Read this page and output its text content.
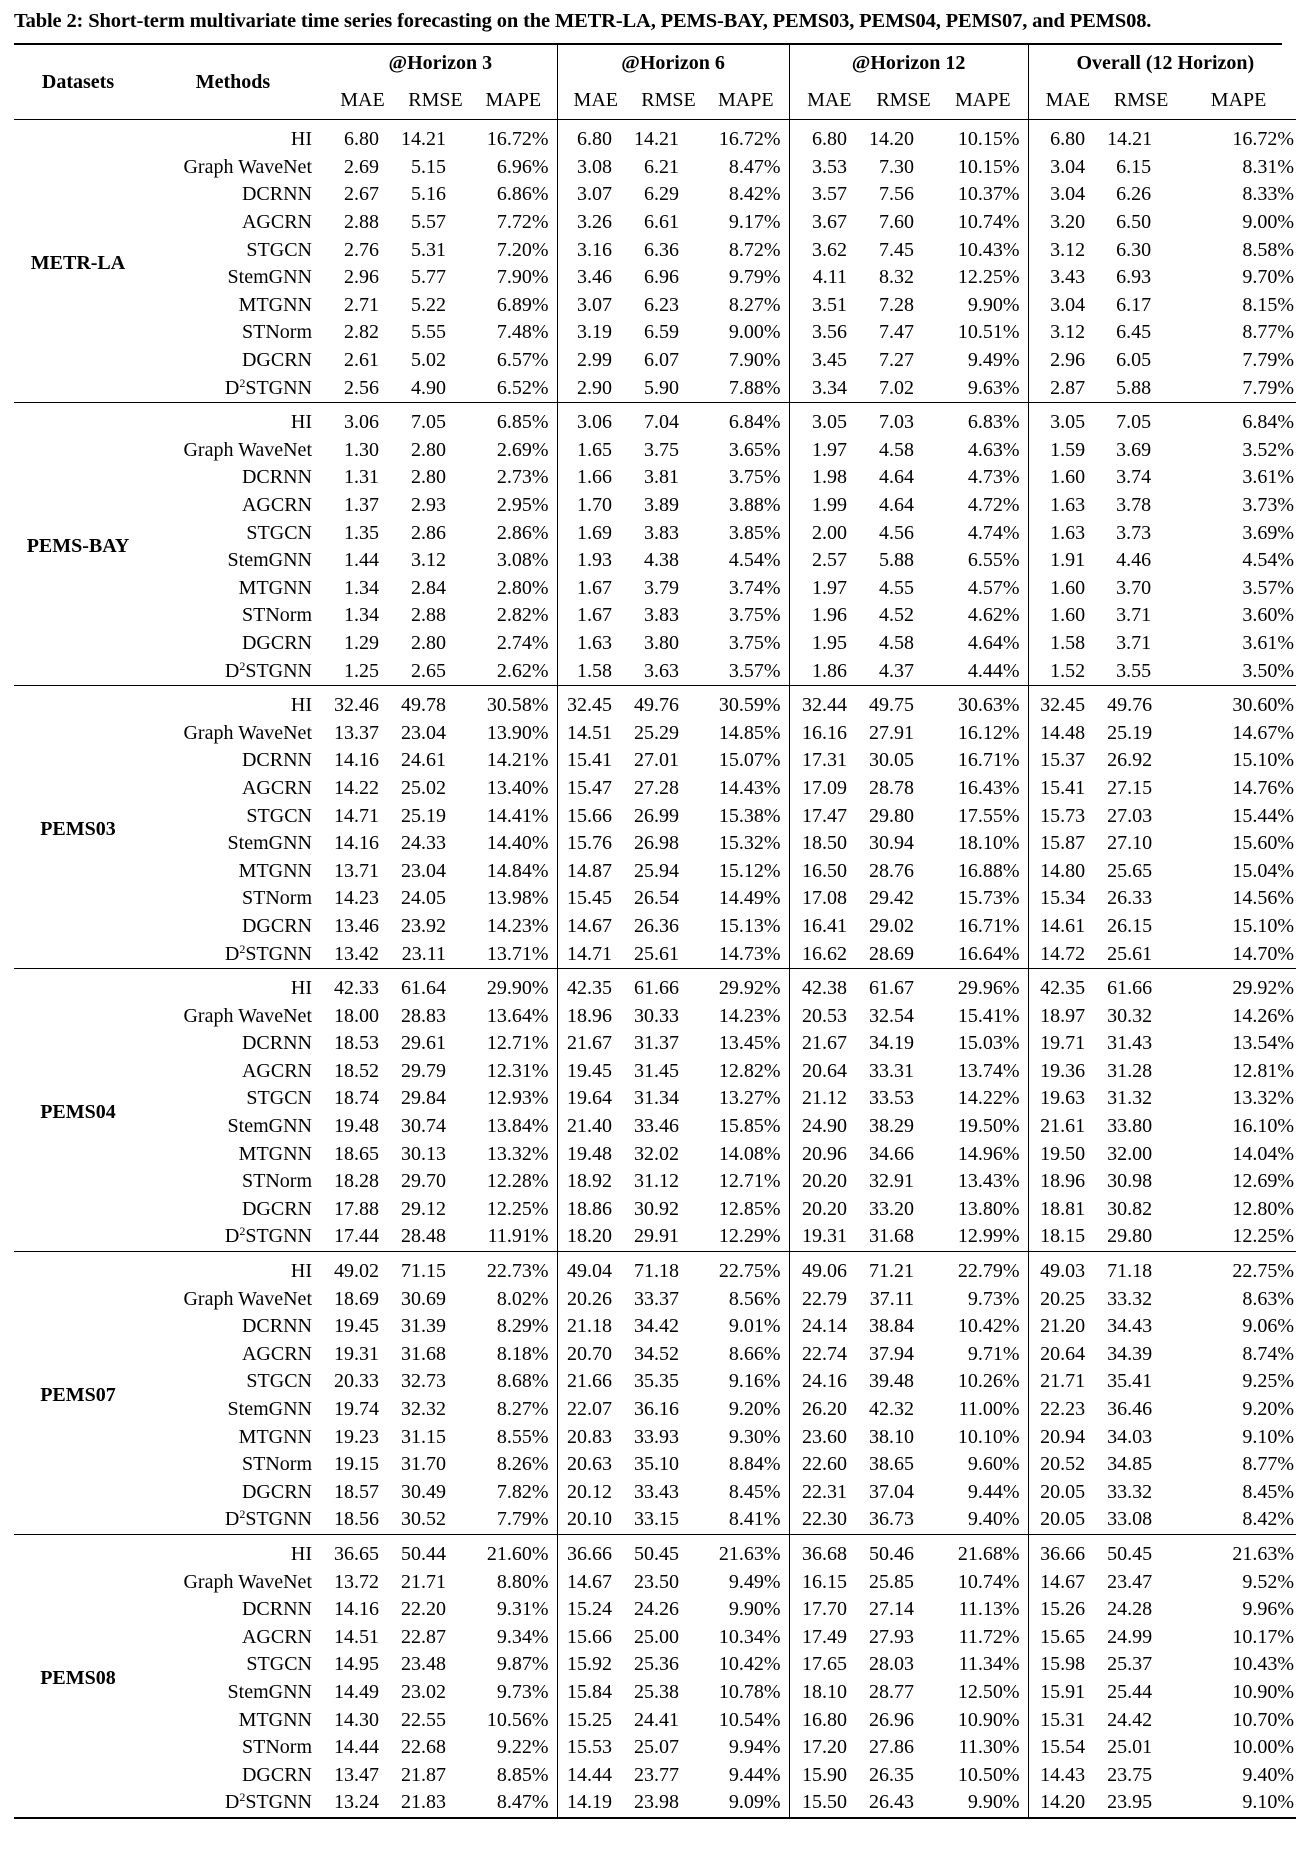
Table 2: Short-term multivariate time series forecasting on the METR-LA, PEMS-BAY, PEMS03, PEMS04, PEMS07, and PEMS08.
Datasets	Methods	@Horizon 3			@Horizon 6			@Horizon 12			Overall (12 Horizon)		
		MAE	RMSE	MAPE	MAE	RMSE	MAPE	MAE	RMSE	MAPE	MAE	RMSE	MAPE
METR-LA	HI	6.80	14.21	16.72%	6.80	14.21	16.72%	6.80	14.20	10.15%	6.80	14.21	16.72%
	Graph WaveNet	2.69	5.15	6.96%	3.08	6.21	8.47%	3.53	7.30	10.15%	3.04	6.15	8.31%
	DCRNN	2.67	5.16	6.86%	3.07	6.29	8.42%	3.57	7.56	10.37%	3.04	6.26	8.33%
	AGCRN	2.88	5.57	7.72%	3.26	6.61	9.17%	3.67	7.60	10.74%	3.20	6.50	9.00%
	STGCN	2.76	5.31	7.20%	3.16	6.36	8.72%	3.62	7.45	10.43%	3.12	6.30	8.58%
	StemGNN	2.96	5.77	7.90%	3.46	6.96	9.79%	4.11	8.32	12.25%	3.43	6.93	9.70%
	MTGNN	2.71	5.22	6.89%	3.07	6.23	8.27%	3.51	7.28	9.90%	3.04	6.17	8.15%
	STNorm	2.82	5.55	7.48%	3.19	6.59	9.00%	3.56	7.47	10.51%	3.12	6.45	8.77%
	DGCRN	2.61	5.02	6.57%	2.99	6.07	7.90%	3.45	7.27	9.49%	2.96	6.05	7.79%
	$D^2STGNN$	2.56	4.90	6.52%	2.90	5.90	7.88%	3.34	7.02	9.63%	2.87	5.88	7.79%
PEMS-BAY	HI	3.06	7.05	6.85%	3.06	7.04	6.84%	3.05	7.03	6.83%	3.05	7.05	6.84%
	Graph WaveNet	1.30	2.80	2.69%	1.65	3.75	3.65%	1.97	4.58	4.63%	1.59	3.69	3.52%
	DCRNN	1.31	2.80	2.73%	1.66	3.81	3.75%	1.98	4.64	4.73%	1.60	3.74	3.61%
	AGCRN	1.37	2.93	2.95%	1.70	3.89	3.88%	1.99	4.64	4.72%	1.63	3.78	3.73%
	STGCN	1.35	2.86	2.86%	1.69	3.83	3.85%	2.00	4.56	4.74%	1.63	3.73	3.69%
	StemGNN	1.44	3.12	3.08%	1.93	4.38	4.54%	2.57	5.88	6.55%	1.91	4.46	4.54%
	MTGNN	1.34	2.84	2.80%	1.67	3.79	3.74%	1.97	4.55	4.57%	1.60	3.70	3.57%
	STNorm	1.34	2.88	2.82%	1.67	3.83	3.75%	1.96	4.52	4.62%	1.60	3.71	3.60%
	DGCRN	1.29	2.80	2.74%	1.63	3.80	3.75%	1.95	4.58	4.64%	1.58	3.71	3.61%
	$D^2STGNN$	1.25	2.65	2.62%	1.58	3.63	3.57%	1.86	4.37	4.44%	1.52	3.55	3.50%
PEMS03	HI	32.46	49.78	30.58%	32.45	49.76	30.59%	32.44	49.75	30.63%	32.45	49.76	30.60%
	Graph WaveNet	13.37	23.04	13.90%	14.51	25.29	14.85%	16.16	27.91	16.12%	14.48	25.19	14.67%
	DCRNN	14.16	24.61	14.21%	15.41	27.01	15.07%	17.31	30.05	16.71%	15.37	26.92	15.10%
	AGCRN	14.22	25.02	13.40%	15.47	27.28	14.43%	17.09	28.78	16.43%	15.41	27.15	14.76%
	STGCN	14.71	25.19	14.41%	15.66	26.99	15.38%	17.47	29.80	17.55%	15.73	27.03	15.44%
	StemGNN	14.16	24.33	14.40%	15.76	26.98	15.32%	18.50	30.94	18.10%	15.87	27.10	15.60%
	MTGNN	13.71	23.04	14.84%	14.87	25.94	15.12%	16.50	28.76	16.88%	14.80	25.65	15.04%
	STNorm	14.23	24.05	13.98%	15.45	26.54	14.49%	17.08	29.42	15.73%	15.34	26.33	14.56%
	DGCRN	13.46	23.92	14.23%	14.67	26.36	15.13%	16.41	29.02	16.71%	14.61	26.15	15.10%
	$D^2STGNN$	13.42	23.11	13.71%	14.71	25.61	14.73%	16.62	28.69	16.64%	14.72	25.61	14.70%
PEMS04	HI	42.33	61.64	29.90%	42.35	61.66	29.92%	42.38	61.67	29.96%	42.35	61.66	29.92%
	Graph WaveNet	18.00	28.83	13.64%	18.96	30.33	14.23%	20.53	32.54	15.41%	18.97	30.32	14.26%
	DCRNN	18.53	29.61	12.71%	21.67	31.37	13.45%	21.67	34.19	15.03%	19.71	31.43	13.54%
	AGCRN	18.52	29.79	12.31%	19.45	31.45	12.82%	20.64	33.31	13.74%	19.36	31.28	12.81%
	STGCN	18.74	29.84	12.93%	19.64	31.34	13.27%	21.12	33.53	14.22%	19.63	31.32	13.32%
	StemGNN	19.48	30.74	13.84%	21.40	33.46	15.85%	24.90	38.29	19.50%	21.61	33.80	16.10%
	MTGNN	18.65	30.13	13.32%	19.48	32.02	14.08%	20.96	34.66	14.96%	19.50	32.00	14.04%
	STNorm	18.28	29.70	12.28%	18.92	31.12	12.71%	20.20	32.91	13.43%	18.96	30.98	12.69%
	DGCRN	17.88	29.12	12.25%	18.86	30.92	12.85%	20.20	33.20	13.80%	18.81	30.82	12.80%
	$D^2STGNN$	17.44	28.48	11.91%	18.20	29.91	12.29%	19.31	31.68	12.99%	18.15	29.80	12.25%
PEMS07	HI	49.02	71.15	22.73%	49.04	71.18	22.75%	49.06	71.21	22.79%	49.03	71.18	22.75%
	Graph WaveNet	18.69	30.69	8.02%	20.26	33.37	8.56%	22.79	37.11	9.73%	20.25	33.32	8.63%
	DCRNN	19.45	31.39	8.29%	21.18	34.42	9.01%	24.14	38.84	10.42%	21.20	34.43	9.06%
	AGCRN	19.31	31.68	8.18%	20.70	34.52	8.66%	22.74	37.94	9.71%	20.64	34.39	8.74%
	STGCN	20.33	32.73	8.68%	21.66	35.35	9.16%	24.16	39.48	10.26%	21.71	35.41	9.25%
	StemGNN	19.74	32.32	8.27%	22.07	36.16	9.20%	26.20	42.32	11.00%	22.23	36.46	9.20%
	MTGNN	19.23	31.15	8.55%	20.83	33.93	9.30%	23.60	38.10	10.10%	20.94	34.03	9.10%
	STNorm	19.15	31.70	8.26%	20.63	35.10	8.84%	22.60	38.65	9.60%	20.52	34.85	8.77%
	DGCRN	18.57	30.49	7.82%	20.12	33.43	8.45%	22.31	37.04	9.44%	20.05	33.32	8.45%
	$D^2STGNN$	18.56	30.52	7.79%	20.10	33.15	8.41%	22.30	36.73	9.40%	20.05	33.08	8.42%
PEMS08	HI	36.65	50.44	21.60%	36.66	50.45	21.63%	36.68	50.46	21.68%	36.66	50.45	21.63%
	Graph WaveNet	13.72	21.71	8.80%	14.67	23.50	9.49%	16.15	25.85	10.74%	14.67	23.47	9.52%
	DCRNN	14.16	22.20	9.31%	15.24	24.26	9.90%	17.70	27.14	11.13%	15.26	24.28	9.96%
	AGCRN	14.51	22.87	9.34%	15.66	25.00	10.34%	17.49	27.93	11.72%	15.65	24.99	10.17%
	STGCN	14.95	23.48	9.87%	15.92	25.36	10.42%	17.65	28.03	11.34%	15.98	25.37	10.43%
	StemGNN	14.49	23.02	9.73%	15.84	25.38	10.78%	18.10	28.77	12.50%	15.91	25.44	10.90%
	MTGNN	14.30	22.55	10.56%	15.25	24.41	10.54%	16.80	26.96	10.90%	15.31	24.42	10.70%
	STNorm	14.44	22.68	9.22%	15.53	25.07	9.94%	17.20	27.86	11.30%	15.54	25.01	10.00%
	DGCRN	13.47	21.87	8.85%	14.44	23.77	9.44%	15.90	26.35	10.50%	14.43	23.75	9.40%
	$D^2STGNN$	13.24	21.83	8.47%	14.19	23.98	9.09%	15.50	26.43	9.90%	14.20	23.95	9.10%
